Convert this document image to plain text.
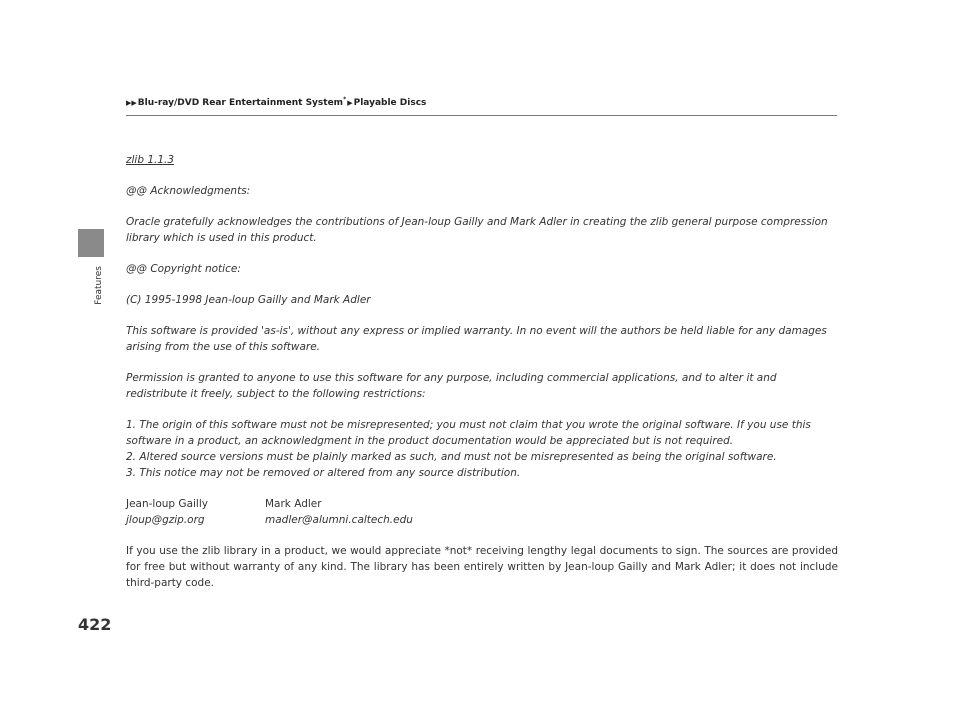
▶▶Blu-ray/DVD Rear Entertainment System*▶Playable Discs
Features

zlib 1.1.3

@@ Acknowledgments:

Oracle gratefully acknowledges the contributions of Jean-loup Gailly and Mark Adler in creating the zlib general purpose compression library which is used in this product.

@@ Copyright notice:

(C) 1995-1998 Jean-loup Gailly and Mark Adler

This software is provided 'as-is', without any express or implied warranty. In no event will the authors be held liable for any damages arising from the use of this software.

Permission is granted to anyone to use this software for any purpose, including commercial applications, and to alter it and redistribute it freely, subject to the following restrictions:

1. The origin of this software must not be misrepresented; you must not claim that you wrote the original software. If you use this software in a product, an acknowledgment in the product documentation would be appreciated but is not required.
2. Altered source versions must be plainly marked as such, and must not be misrepresented as being the original software.
3. This notice may not be removed or altered from any source distribution.

Jean-loup Gailly
jloup@gzip.org
Mark Adler
madler@alumni.caltech.edu

If you use the zlib library in a product, we would appreciate *not* receiving lengthy legal documents to sign. The sources are provided for free but without warranty of any kind. The library has been entirely written by Jean-loup Gailly and Mark Adler; it does not include third-party code.

422
